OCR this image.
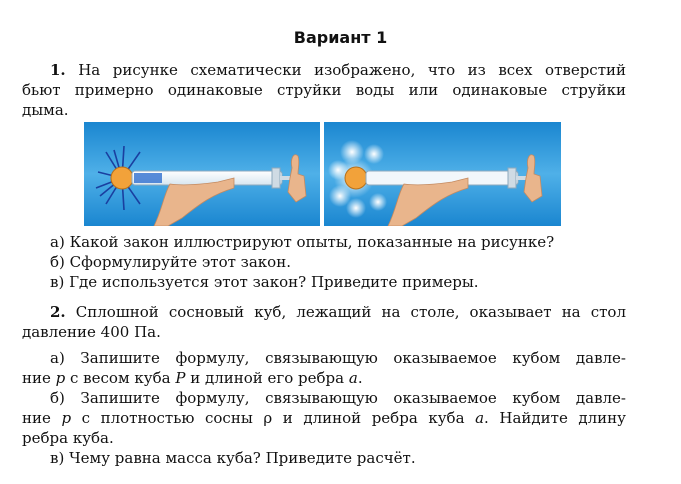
Вариант 1
1. На рисунке схематически изображено, что из всех отверстий
бьют примерно одинаковые струйки воды или одинаковые струйки
дыма.
а) Какой закон иллюстрируют опыты, показанные на рисунке?
б) Сформулируйте этот закон.
в) Где используется этот закон? Приведите примеры.
2. Сплошной сосновый куб, лежащий на столе, оказывает на стол
давление 400 Па.
а) Запишите формулу, связывающую оказываемое кубом давле-
ние p с весом куба P и длиной его ребра a.
б) Запишите формулу, связывающую оказываемое кубом давле-
ние p с плотностью сосны ρ и длиной ребра куба a. Найдите длину
ребра куба.
в) Чему равна масса куба? Приведите расчёт.
